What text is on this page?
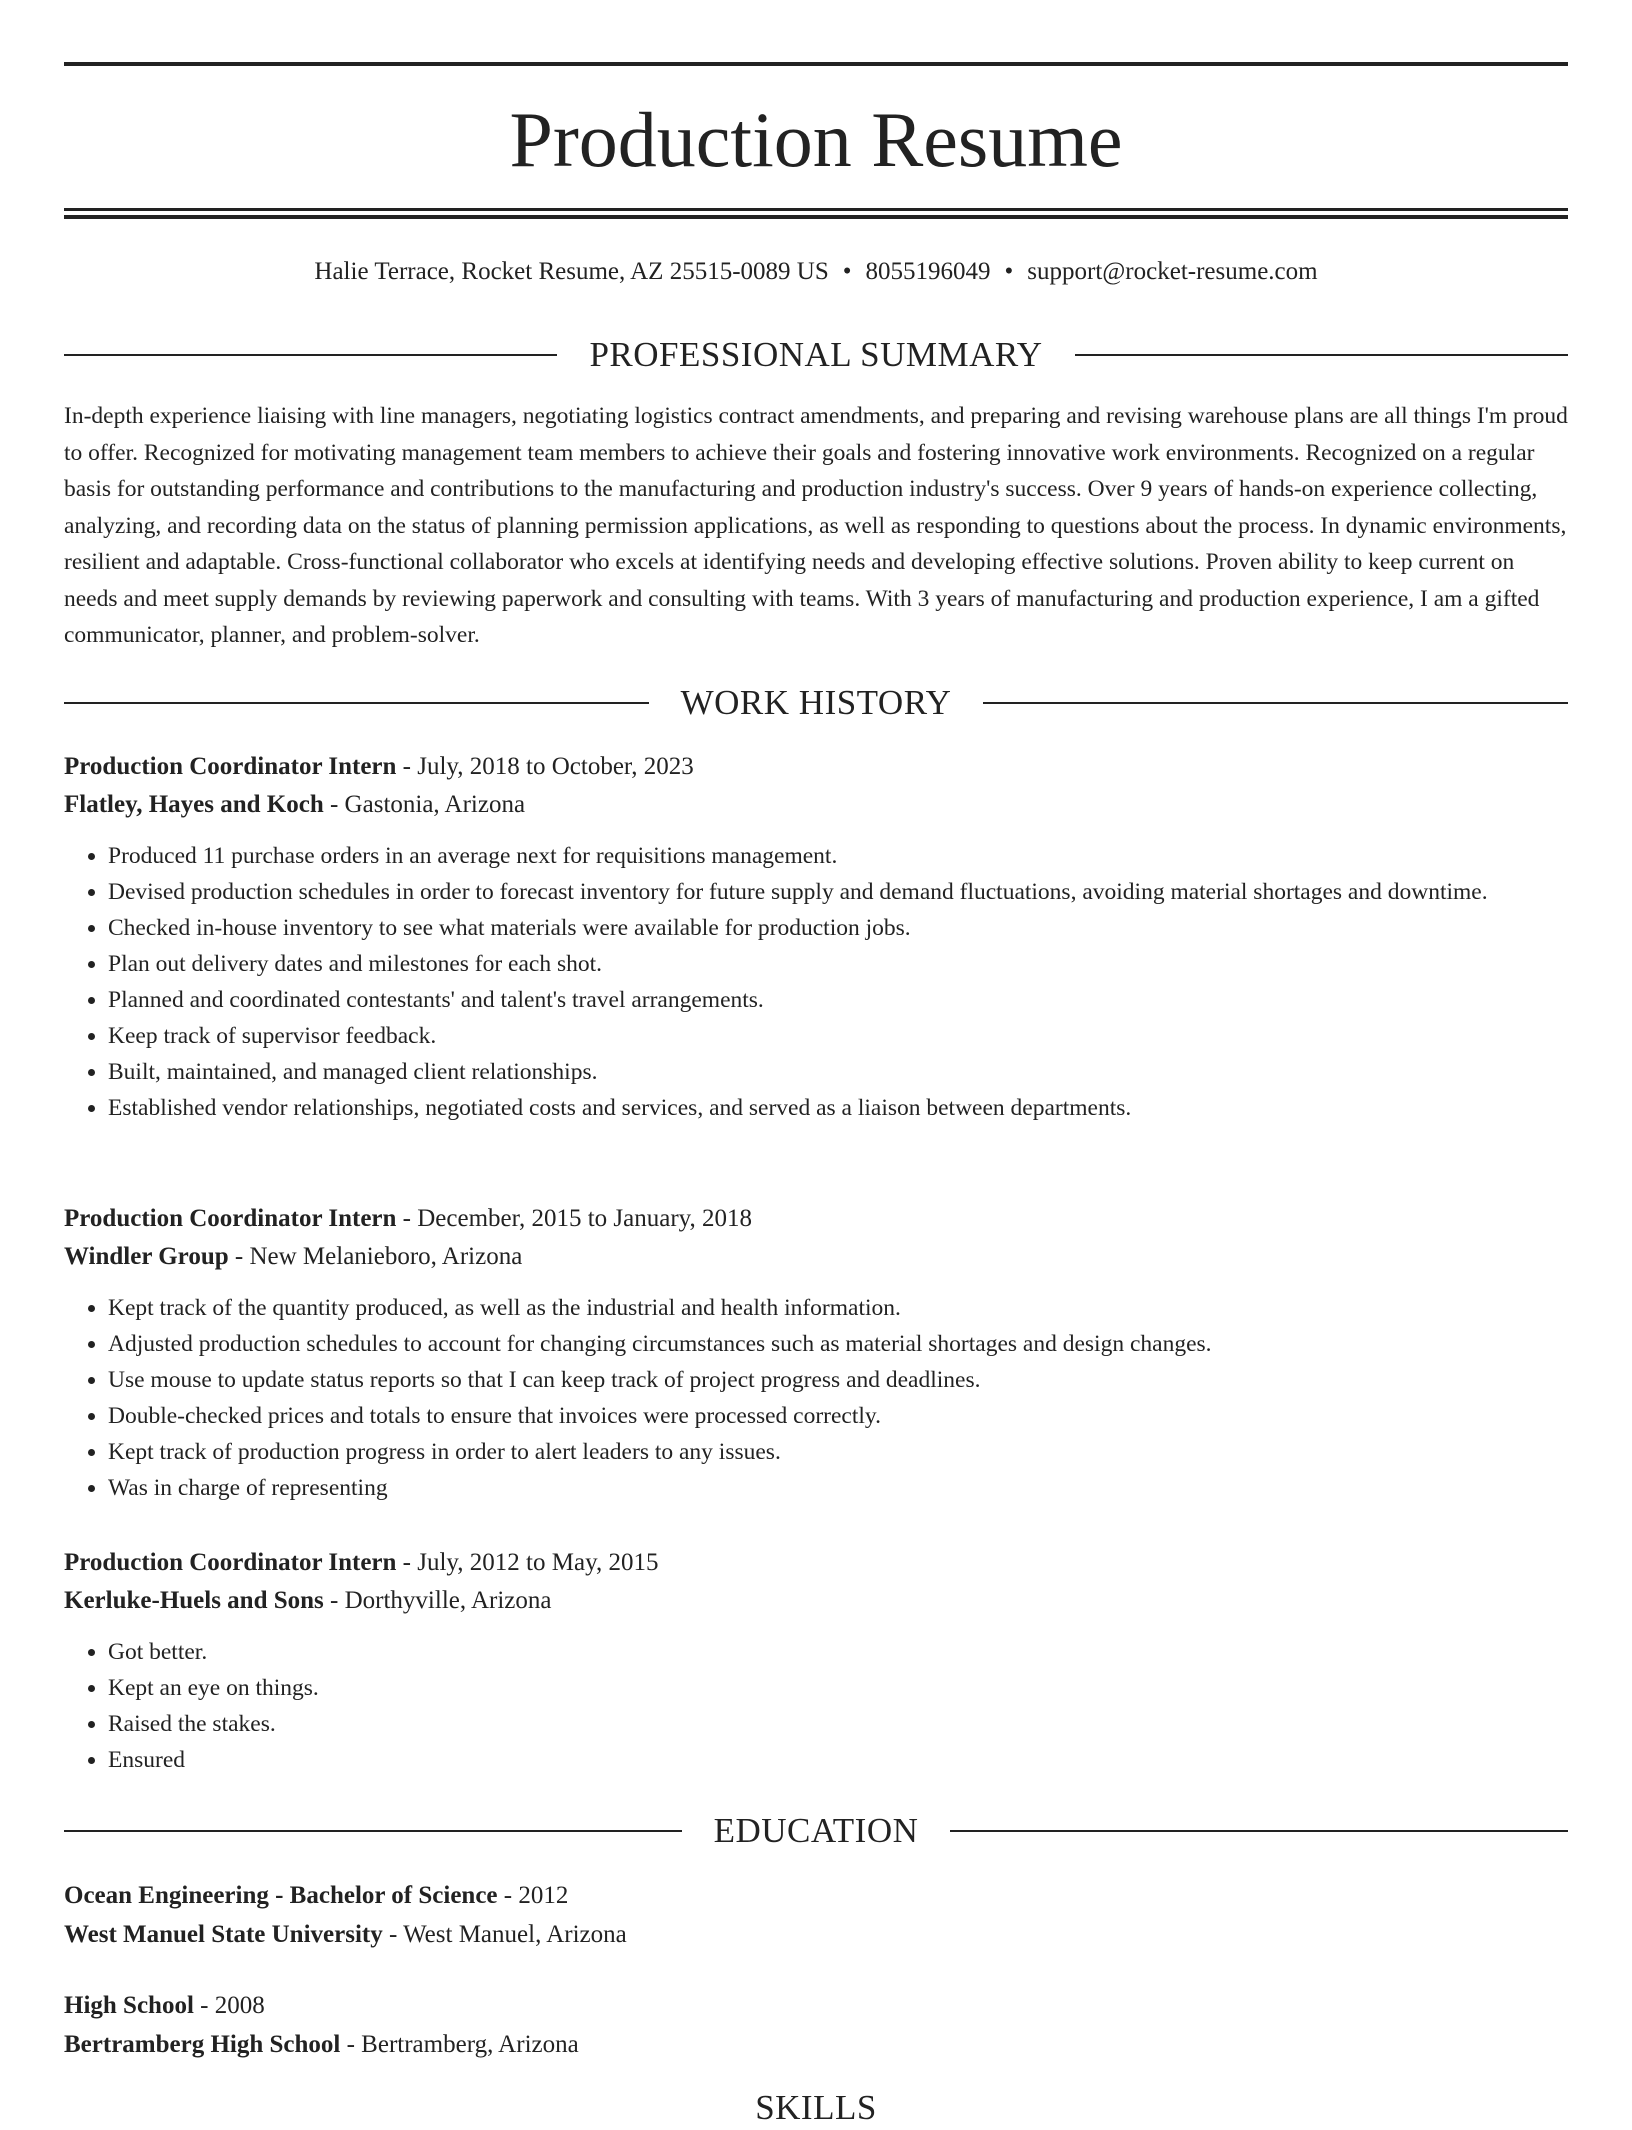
Production Resume
Halie Terrace, Rocket Resume, AZ 25515-0089 US • 8055196049 • support@rocket-resume.com
PROFESSIONAL SUMMARY

In-depth experience liaising with line managers, negotiating logistics contract amendments, and preparing and revising warehouse plans are all things I'm proud to offer. Recognized for motivating management team members to achieve their goals and fostering innovative work environments. Recognized on a regular basis for outstanding performance and contributions to the manufacturing and production industry's success. Over 9 years of hands-on experience collecting, analyzing, and recording data on the status of planning permission applications, as well as responding to questions about the process. In dynamic environments, resilient and adaptable. Cross-functional collaborator who excels at identifying needs and developing effective solutions. Proven ability to keep current on needs and meet supply demands by reviewing paperwork and consulting with teams. With 3 years of manufacturing and production experience, I am a gifted communicator, planner, and problem-solver.

WORK HISTORY
Production Coordinator Intern - July, 2018 to October, 2023
Flatley, Hayes and Koch - Gastonia, Arizona
• Produced 11 purchase orders in an average next for requisitions management.
• Devised production schedules in order to forecast inventory for future supply and demand fluctuations, avoiding material shortages and downtime.
• Checked in-house inventory to see what materials were available for production jobs.
• Plan out delivery dates and milestones for each shot.
• Planned and coordinated contestants' and talent's travel arrangements.
• Keep track of supervisor feedback.
• Built, maintained, and managed client relationships.
• Established vendor relationships, negotiated costs and services, and served as a liaison between departments.
Production Coordinator Intern - December, 2015 to January, 2018
Windler Group - New Melanieboro, Arizona
• Kept track of the quantity produced, as well as the industrial and health information.
• Adjusted production schedules to account for changing circumstances such as material shortages and design changes.
• Use mouse to update status reports so that I can keep track of project progress and deadlines.
• Double-checked prices and totals to ensure that invoices were processed correctly.
• Kept track of production progress in order to alert leaders to any issues.
• Was in charge of representing
Production Coordinator Intern - July, 2012 to May, 2015
Kerluke-Huels and Sons - Dorthyville, Arizona
• Got better.
• Kept an eye on things.
• Raised the stakes.
• Ensured
EDUCATION
Ocean Engineering - Bachelor of Science - 2012
West Manuel State University - West Manuel, Arizona
High School - 2008
Bertramberg High School - Bertramberg, Arizona
SKILLS
